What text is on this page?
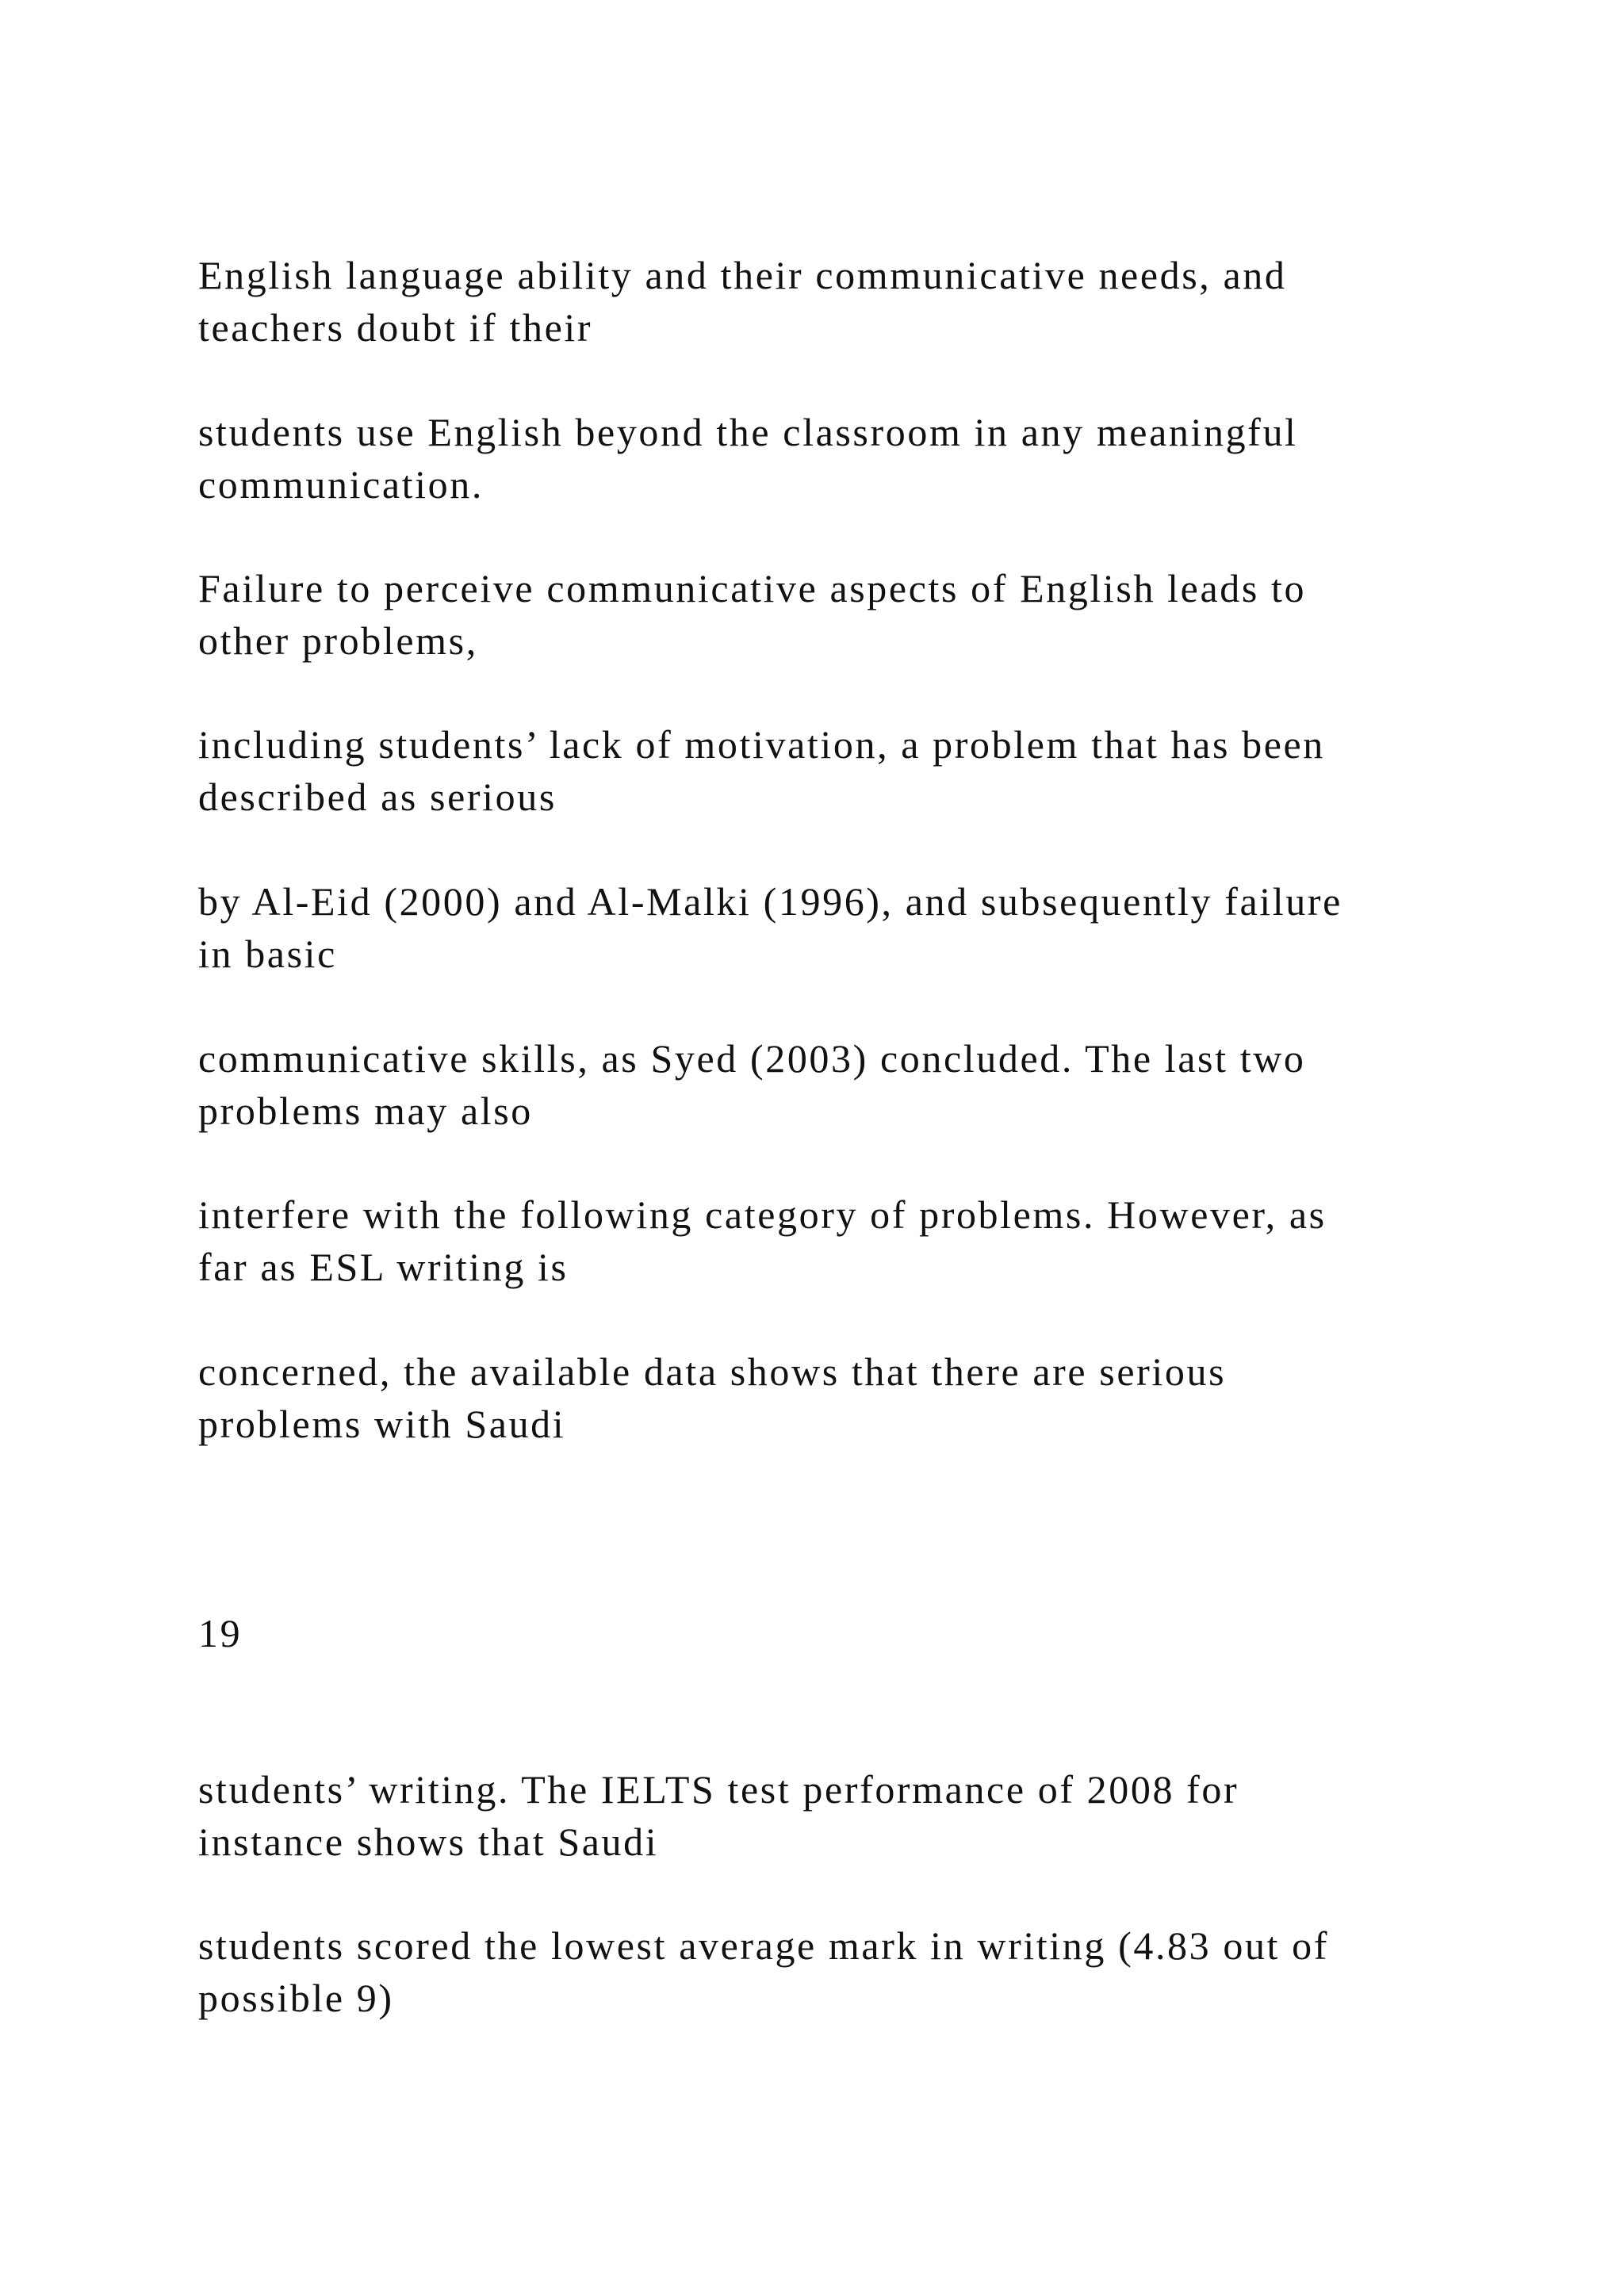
English language ability and their communicative needs, and
teachers doubt if their
students use English beyond the classroom in any meaningful
communication.
Failure to perceive communicative aspects of English leads to
other problems,
including students’ lack of motivation, a problem that has been
described as serious
by Al-Eid (2000) and Al-Malki (1996), and subsequently failure
in basic
communicative skills, as Syed (2003) concluded. The last two
problems may also
interfere with the following category of problems. However, as
far as ESL writing is
concerned, the available data shows that there are serious
problems with Saudi
19
students’ writing. The IELTS test performance of 2008 for
instance shows that Saudi
students scored the lowest average mark in writing (4.83 out of
possible 9)
